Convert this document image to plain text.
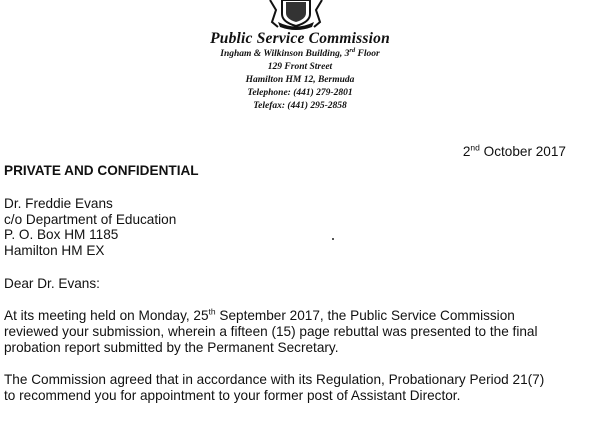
Public Service Commission
Ingham & Wilkinson Building, 3rd Floor
129 Front Street
Hamilton HM 12, Bermuda
Telephone: (441) 279-2801
Telefax: (441) 295-2858
2nd October 2017
PRIVATE AND CONFIDENTIAL
Dr. Freddie Evans
c/o Department of Education
P. O. Box HM 1185
Hamilton HM EX
Dear Dr. Evans:
At its meeting held on Monday, 25th September 2017, the Public Service Commission
reviewed your submission, wherein a fifteen (15) page rebuttal was presented to the final
probation report submitted by the Permanent Secretary.
The Commission agreed that in accordance with its Regulation, Probationary Period 21(7)
to recommend you for appointment to your former post of Assistant Director.
